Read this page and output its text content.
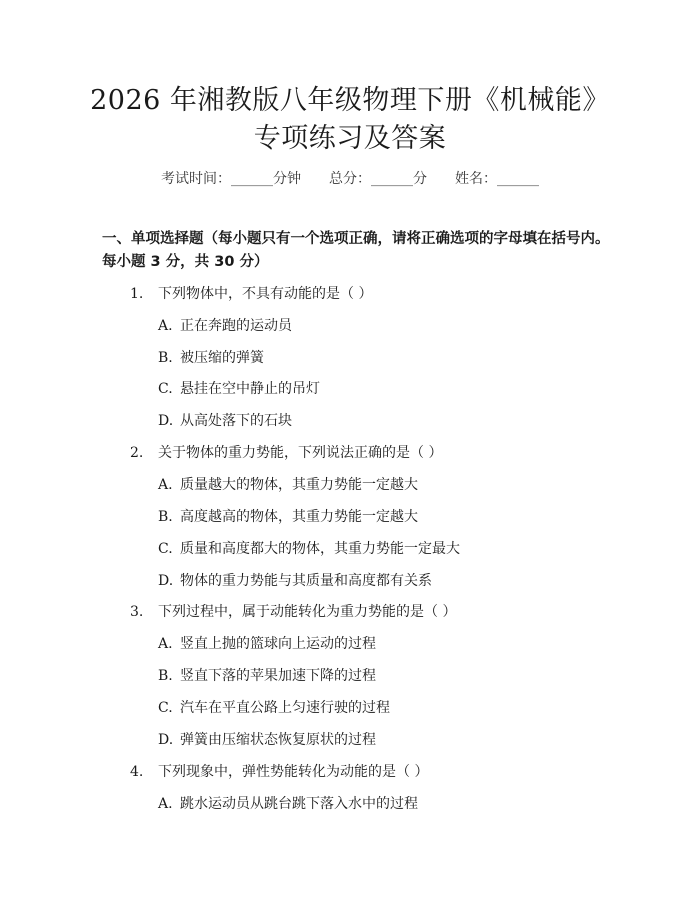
2026 年湘教版八年级物理下册《机械能》专项练习及答案
考试时间：______分钟 总分：______分 姓名：______
一、单项选择题（每小题只有一个选项正确，请将正确选项的字母填在括号内。每小题 3 分，共 30 分）
1. 下列物体中，不具有动能的是（ ）
A. 正在奔跑的运动员
B. 被压缩的弹簧
C. 悬挂在空中静止的吊灯
D. 从高处落下的石块
2. 关于物体的重力势能，下列说法正确的是（ ）
A. 质量越大的物体，其重力势能一定越大
B. 高度越高的物体，其重力势能一定越大
C. 质量和高度都大的物体，其重力势能一定最大
D. 物体的重力势能与其质量和高度都有关系
3. 下列过程中，属于动能转化为重力势能的是（ ）
A. 竖直上抛的篮球向上运动的过程
B. 竖直下落的苹果加速下降的过程
C. 汽车在平直公路上匀速行驶的过程
D. 弹簧由压缩状态恢复原状的过程
4. 下列现象中，弹性势能转化为动能的是（ ）
A. 跳水运动员从跳台跳下落入水中的过程
